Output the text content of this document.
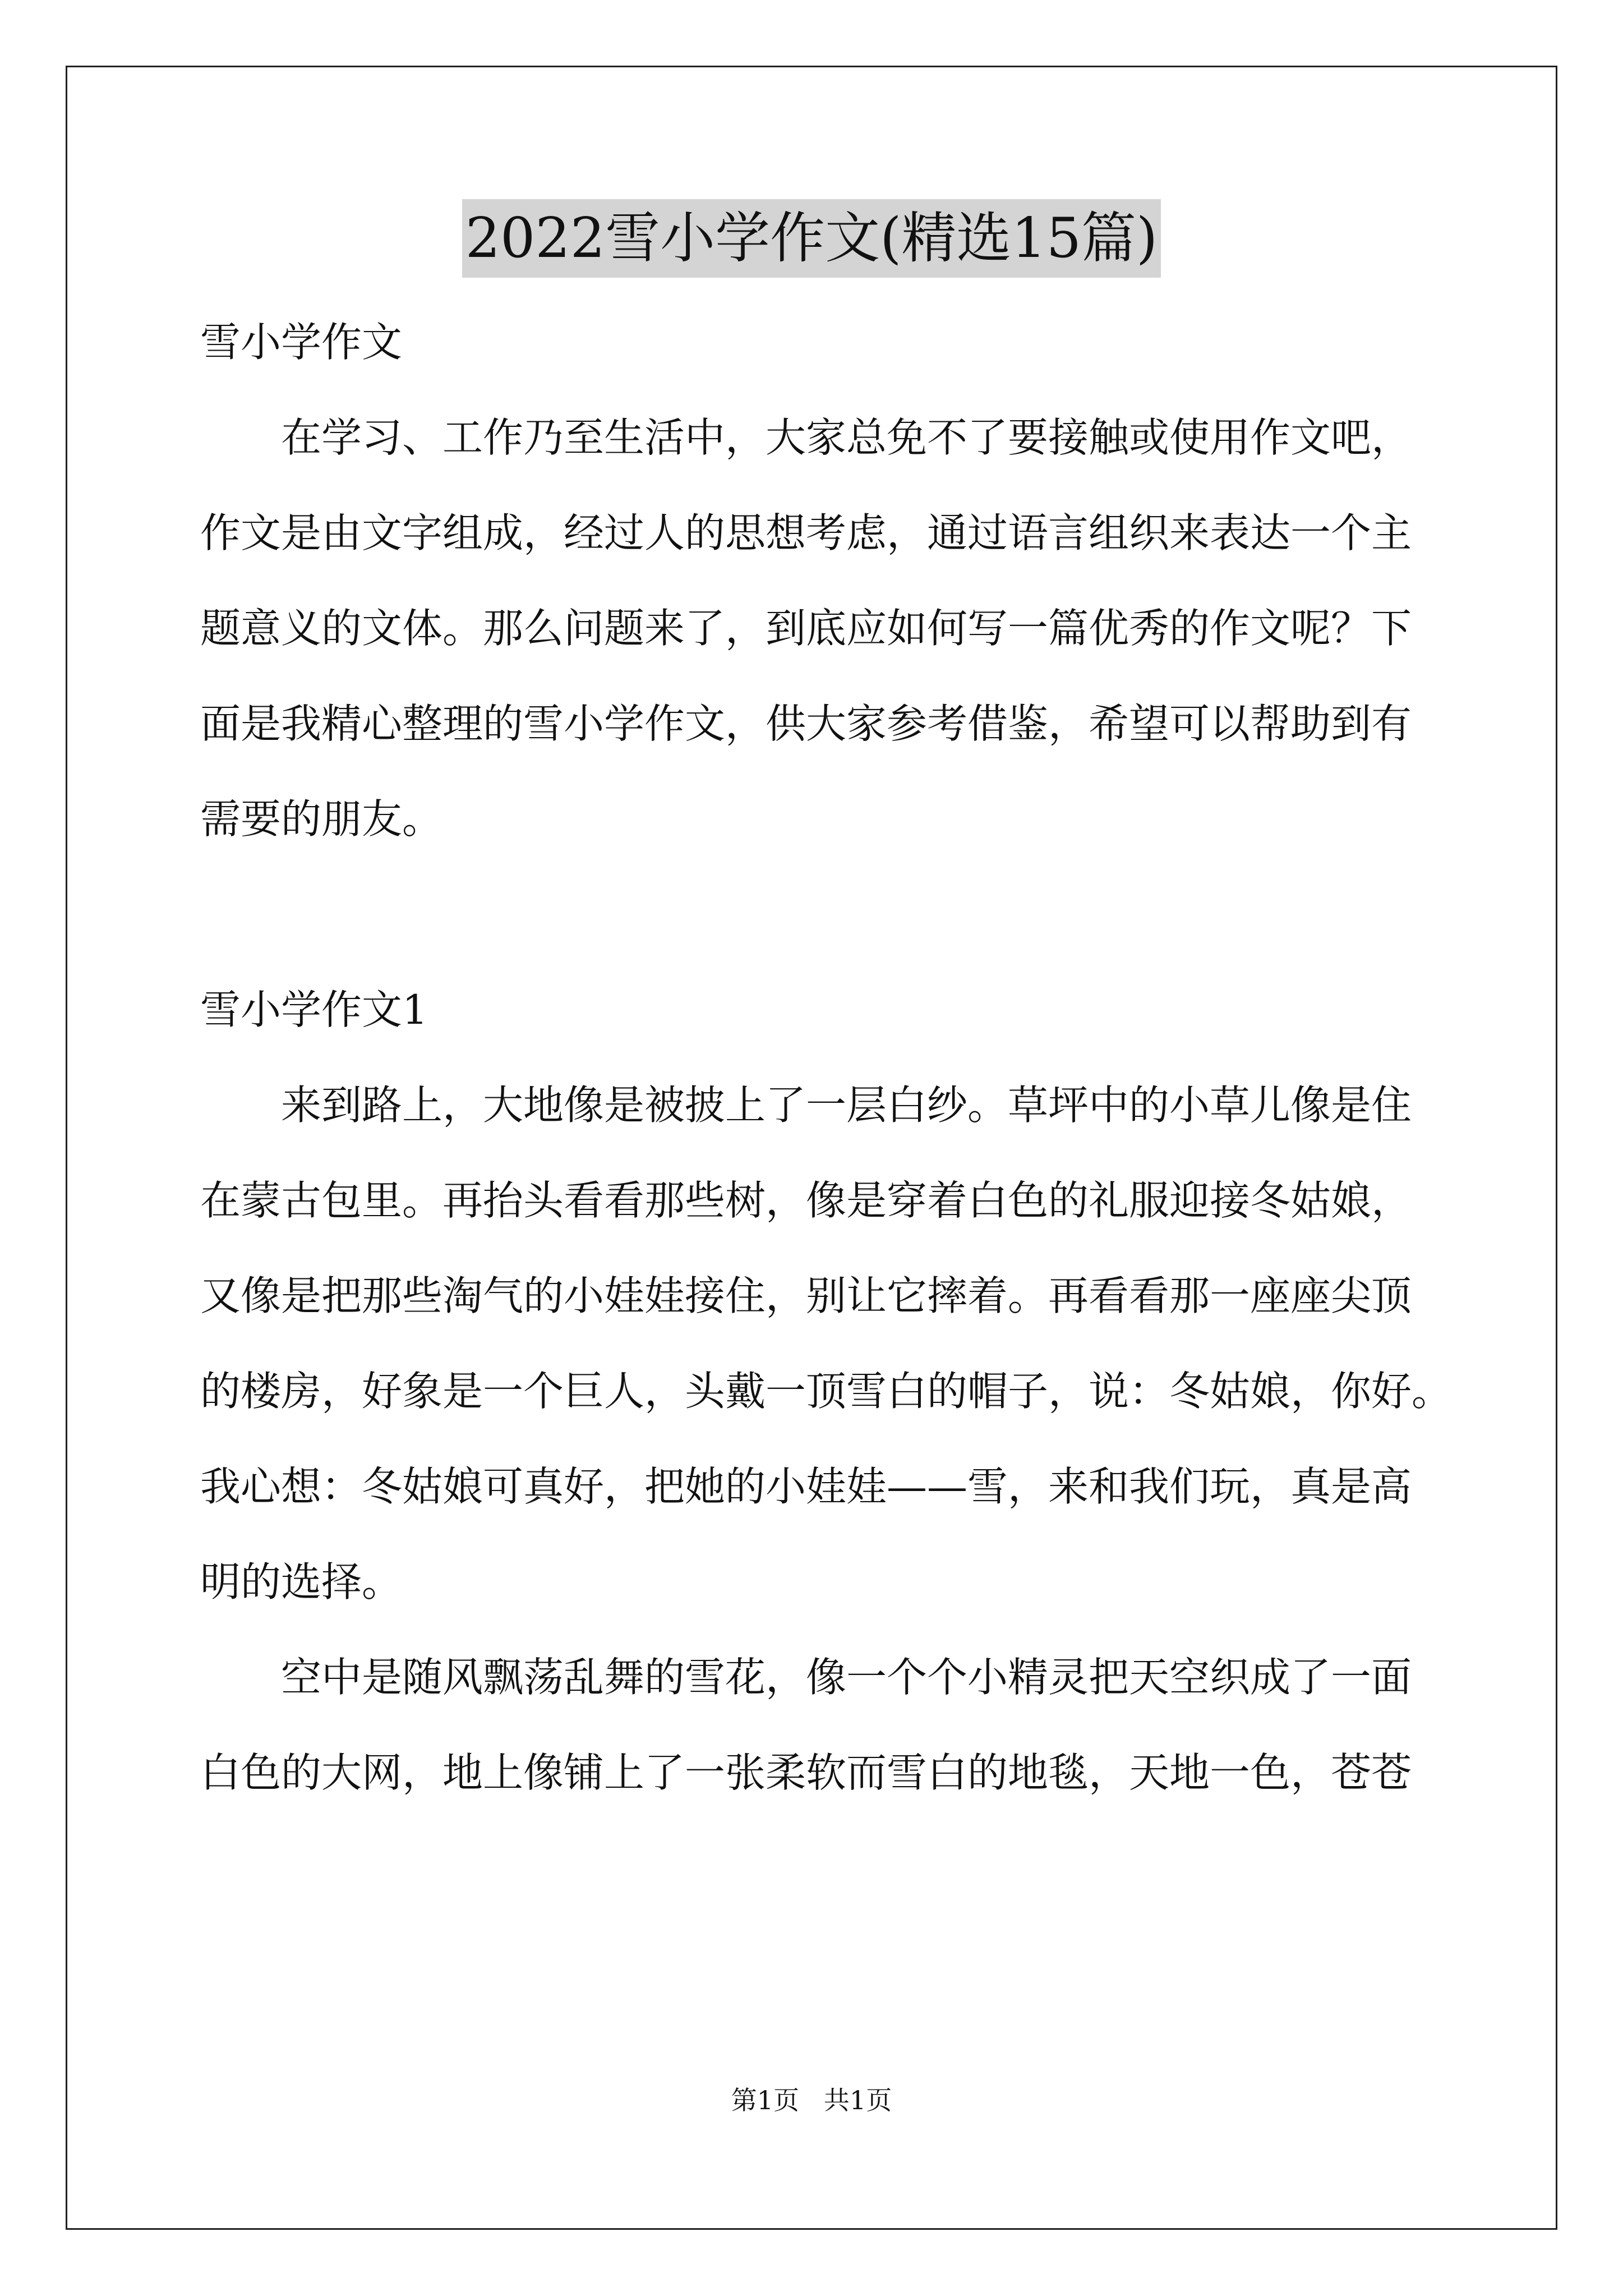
2022雪小学作文(精选15篇)
雪小学作文
在学习、工作乃至生活中，大家总免不了要接触或使用作文吧，
作文是由文字组成，经过人的思想考虑，通过语言组织来表达一个主
题意义的文体。那么问题来了，到底应如何写一篇优秀的作文呢？下
面是我精心整理的雪小学作文，供大家参考借鉴，希望可以帮助到有
需要的朋友。
雪小学作文1
来到路上，大地像是被披上了一层白纱。草坪中的小草儿像是住
在蒙古包里。再抬头看看那些树，像是穿着白色的礼服迎接冬姑娘，
又像是把那些淘气的小娃娃接住，别让它摔着。再看看那一座座尖顶
的楼房，好象是一个巨人，头戴一顶雪白的帽子，说：冬姑娘，你好。
我心想：冬姑娘可真好，把她的小娃娃——雪，来和我们玩，真是高
明的选择。
空中是随风飘荡乱舞的雪花，像一个个小精灵把天空织成了一面
白色的大网，地上像铺上了一张柔软而雪白的地毯，天地一色，苍苍
第1页   共1页
